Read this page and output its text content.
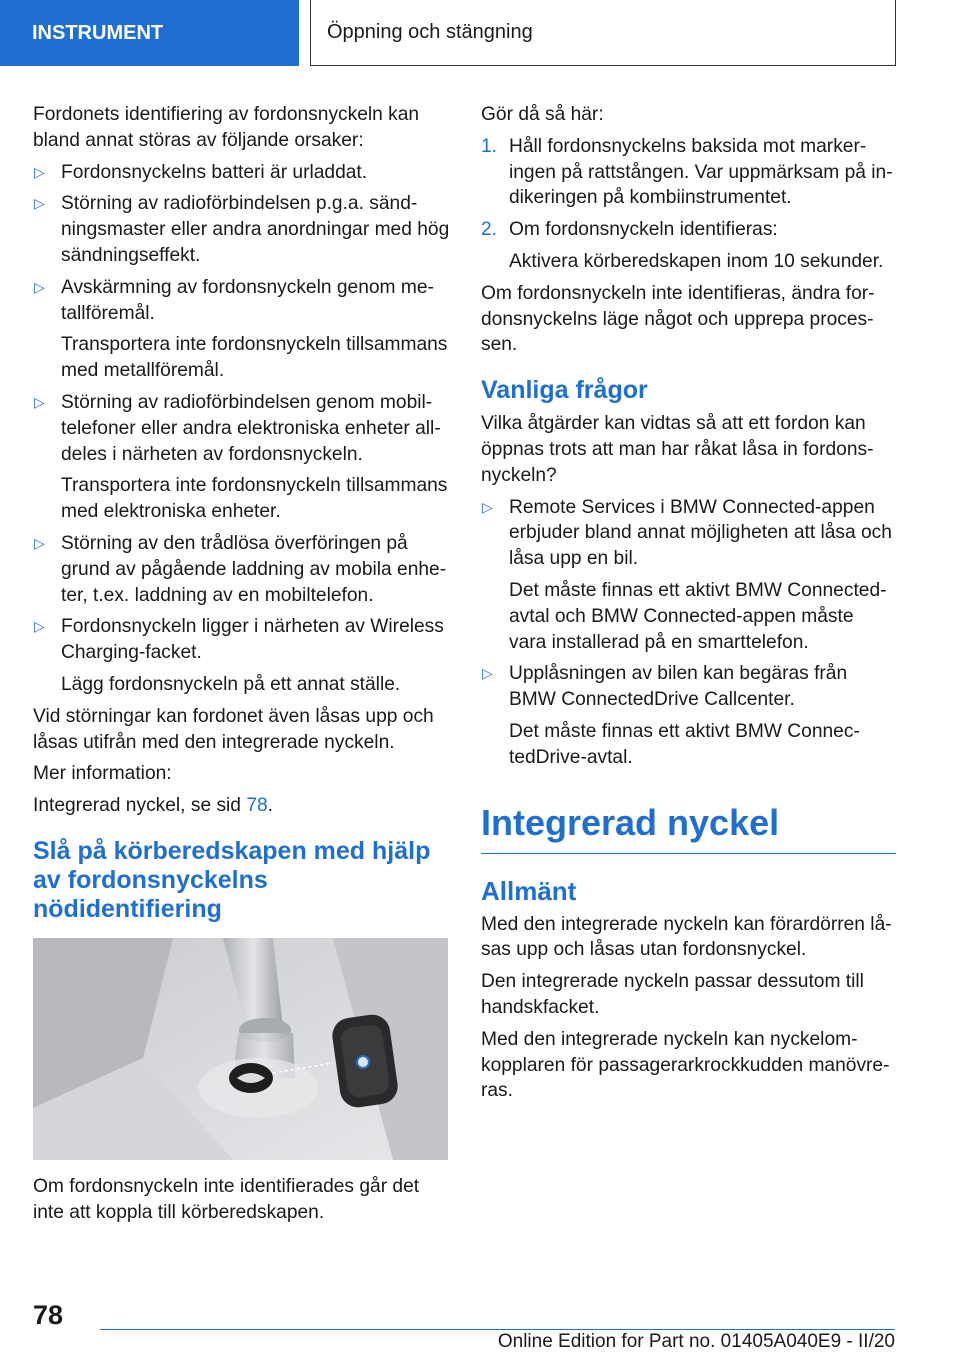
INSTRUMENT	Öppning och stängning

Fordonets identifiering av fordonsnyckeln kan bland annat störas av följande orsaker:

▷ Fordonsnyckelns batteri är urladdat.
▷ Störning av radioförbindelsen p.g.a. sändningsmaster eller andra anordningar med hög sändningseffekt.
▷ Avskärmning av fordonsnyckeln genom metallföremål.
Transportera inte fordonsnyckeln tillsammans med metallföremål.
▷ Störning av radioförbindelsen genom mobiltelefoner eller andra elektroniska enheter alldeles i närheten av fordonsnyckeln.
Transportera inte fordonsnyckeln tillsammans med elektroniska enheter.
▷ Störning av den trådlösa överföringen på grund av pågående laddning av mobila enheter, t.ex. laddning av en mobiltelefon.
▷ Fordonsnyckeln ligger i närheten av Wireless Charging-facket.
Lägg fordonsnyckeln på ett annat ställe.

Vid störningar kan fordonet även låsas upp och låsas utifrån med den integrerade nyckeln.

Mer information:

Integrerad nyckel, se sid 78.

Slå på körberedskapen med hjälp av fordonsnyckelns nödidentifiering

Om fordonsnyckeln inte identifierades går det inte att koppla till körberedskapen.

Gör då så här:

1. Håll fordonsnyckelns baksida mot markeringen på rattstången. Var uppmärksam på indikeringen på kombiinstrumentet.
2. Om fordonsnyckeln identifieras:
Aktivera körberedskapen inom 10 sekunder.

Om fordonsnyckeln inte identifieras, ändra fordonsnyckelns läge något och upprepa processen.

Vanliga frågor

Vilka åtgärder kan vidtas så att ett fordon kan öppnas trots att man har råkat låsa in fordonsnyckeln?

▷ Remote Services i BMW Connected-appen erbjuder bland annat möjligheten att låsa och låsa upp en bil.
Det måste finnas ett aktivt BMW Connected-avtal och BMW Connected-appen måste vara installerad på en smarttelefon.
▷ Upplåsningen av bilen kan begäras från BMW ConnectedDrive Callcenter.
Det måste finnas ett aktivt BMW ConnectedDrive-avtal.
Integrerad nyckel
Allmänt

Med den integrerade nyckeln kan förardörren låsas upp och låsas utan fordonsnyckel.

Den integrerade nyckeln passar dessutom till handskfacket.

Med den integrerade nyckeln kan nyckelomkopplaren för passagerarkrockkudden manövreras.

78
Online Edition for Part no. 01405A040E9 - II/20
